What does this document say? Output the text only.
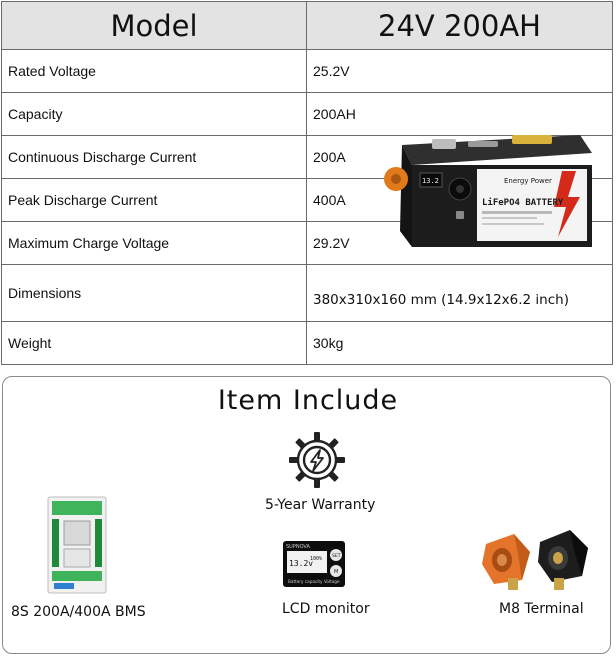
Model	24V 200AH
Rated Voltage	25.2V
Capacity	200AH
Continuous Discharge Current	200A
Peak Discharge Current	400A
Maximum Charge Voltage	29.2V
Dimensions	380x310x160 mm (14.9x12x6.2 inch)
Weight	30kg
Energy Power
LiFePO4 BATTERY
13.2
Item Include
5-Year Warranty
8S 200A/400A BMS
SUPNOVA
13.2v
100% SET
M
Battery capacity Voltage
LCD monitor	M8 Terminal
